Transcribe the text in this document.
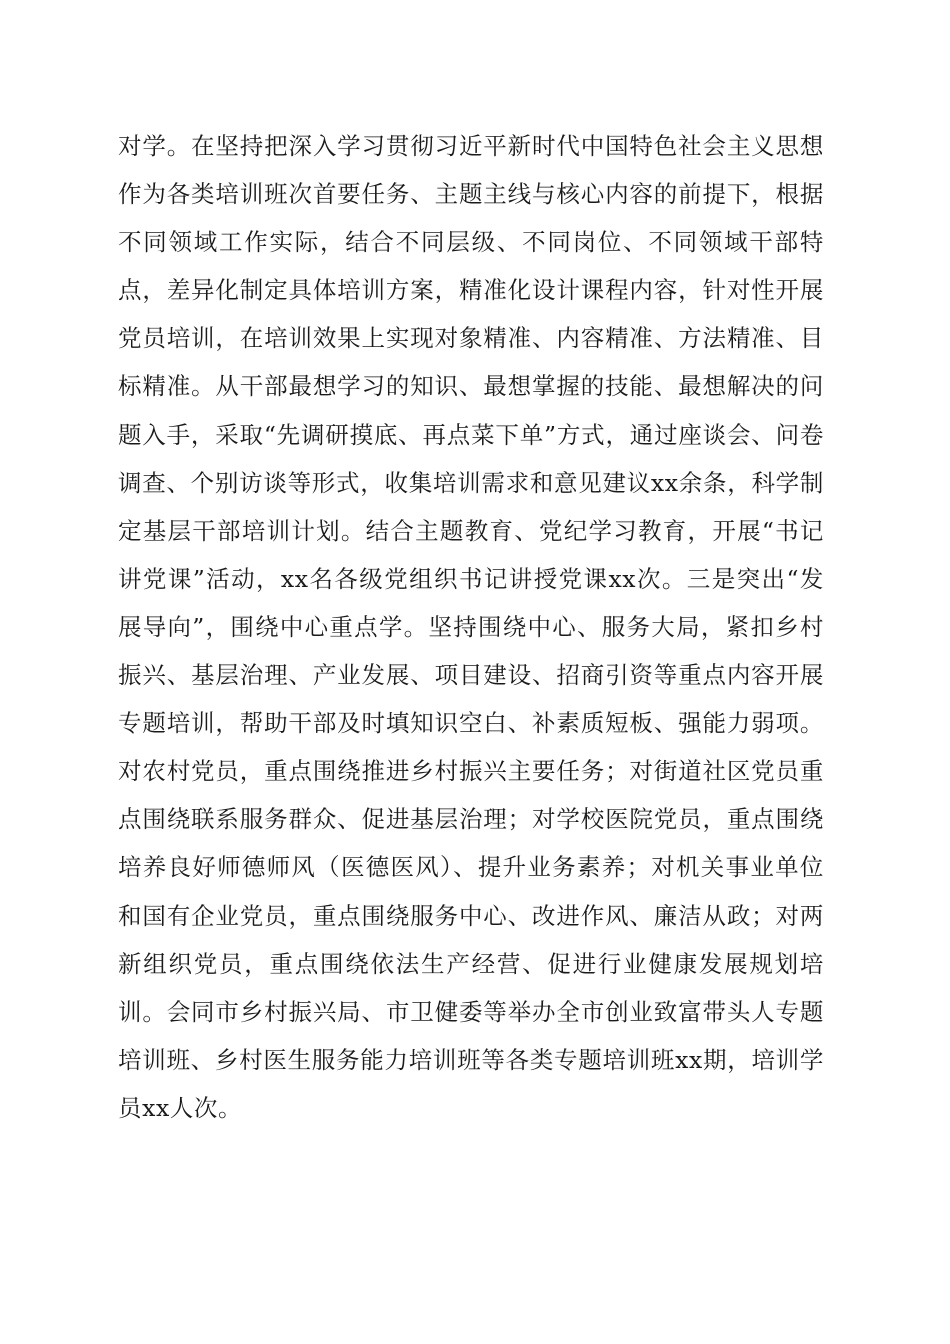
对学。在坚持把深入学习贯彻习近平新时代中国特色社会主义思想作为各类培训班次首要任务、主题主线与核心内容的前提下，根据不同领域工作实际，结合不同层级、不同岗位、不同领域干部特点，差异化制定具体培训方案，精准化设计课程内容，针对性开展党员培训，在培训效果上实现对象精准、内容精准、方法精准、目标精准。从干部最想学习的知识、最想掌握的技能、最想解决的问题入手，采取“先调研摸底、再点菜下单”方式，通过座谈会、问卷调查、个别访谈等形式，收集培训需求和意见建议xx余条，科学制定基层干部培训计划。结合主题教育、党纪学习教育，开展“书记讲党课”活动，xx名各级党组织书记讲授党课xx次。三是突出“发展导向”，围绕中心重点学。坚持围绕中心、服务大局，紧扣乡村振兴、基层治理、产业发展、项目建设、招商引资等重点内容开展专题培训，帮助干部及时填知识空白、补素质短板、强能力弱项。对农村党员，重点围绕推进乡村振兴主要任务；对街道社区党员重点围绕联系服务群众、促进基层治理；对学校医院党员，重点围绕培养良好师德师风（医德医风）、提升业务素养；对机关事业单位和国有企业党员，重点围绕服务中心、改进作风、廉洁从政；对两新组织党员，重点围绕依法生产经营、促进行业健康发展规划培训。会同市乡村振兴局、市卫健委等举办全市创业致富带头人专题培训班、乡村医生服务能力培训班等各类专题培训班xx期，培训学员xx人次。
